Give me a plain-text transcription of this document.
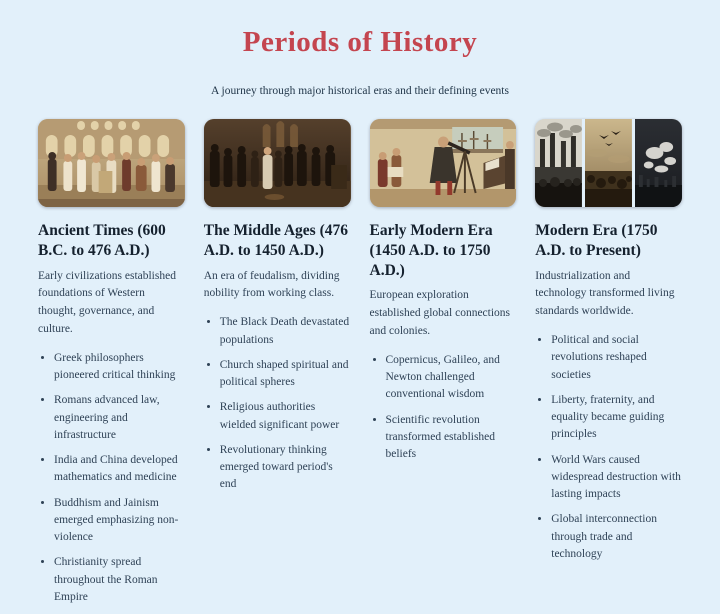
Periods of History

A journey through major historical eras and their defining events

Ancient Times (600 B.C. to 476 A.D.)

Early civilizations established foundations of Western thought, governance, and culture.

• Greek philosophers pioneered critical thinking
• Romans advanced law, engineering and infrastructure
• India and China developed mathematics and medicine
• Buddhism and Jainism emerged emphasizing non-violence
• Christianity spread throughout the Roman Empire
The Middle Ages (476 A.D. to 1450 A.D.)

An era of feudalism, dividing nobility from working class.

• The Black Death devastated populations
• Church shaped spiritual and political spheres
• Religious authorities wielded significant power
• Revolutionary thinking emerged toward period's end
Early Modern Era (1450 A.D. to 1750 A.D.)

European exploration established global connections and colonies.

• Copernicus, Galileo, and Newton challenged conventional wisdom
• Scientific revolution transformed established beliefs
Modern Era (1750 A.D. to Present)

Industrialization and technology transformed living standards worldwide.

• Political and social revolutions reshaped societies
• Liberty, fraternity, and equality became guiding principles
• World Wars caused widespread destruction with lasting impacts
• Global interconnection through trade and technology
